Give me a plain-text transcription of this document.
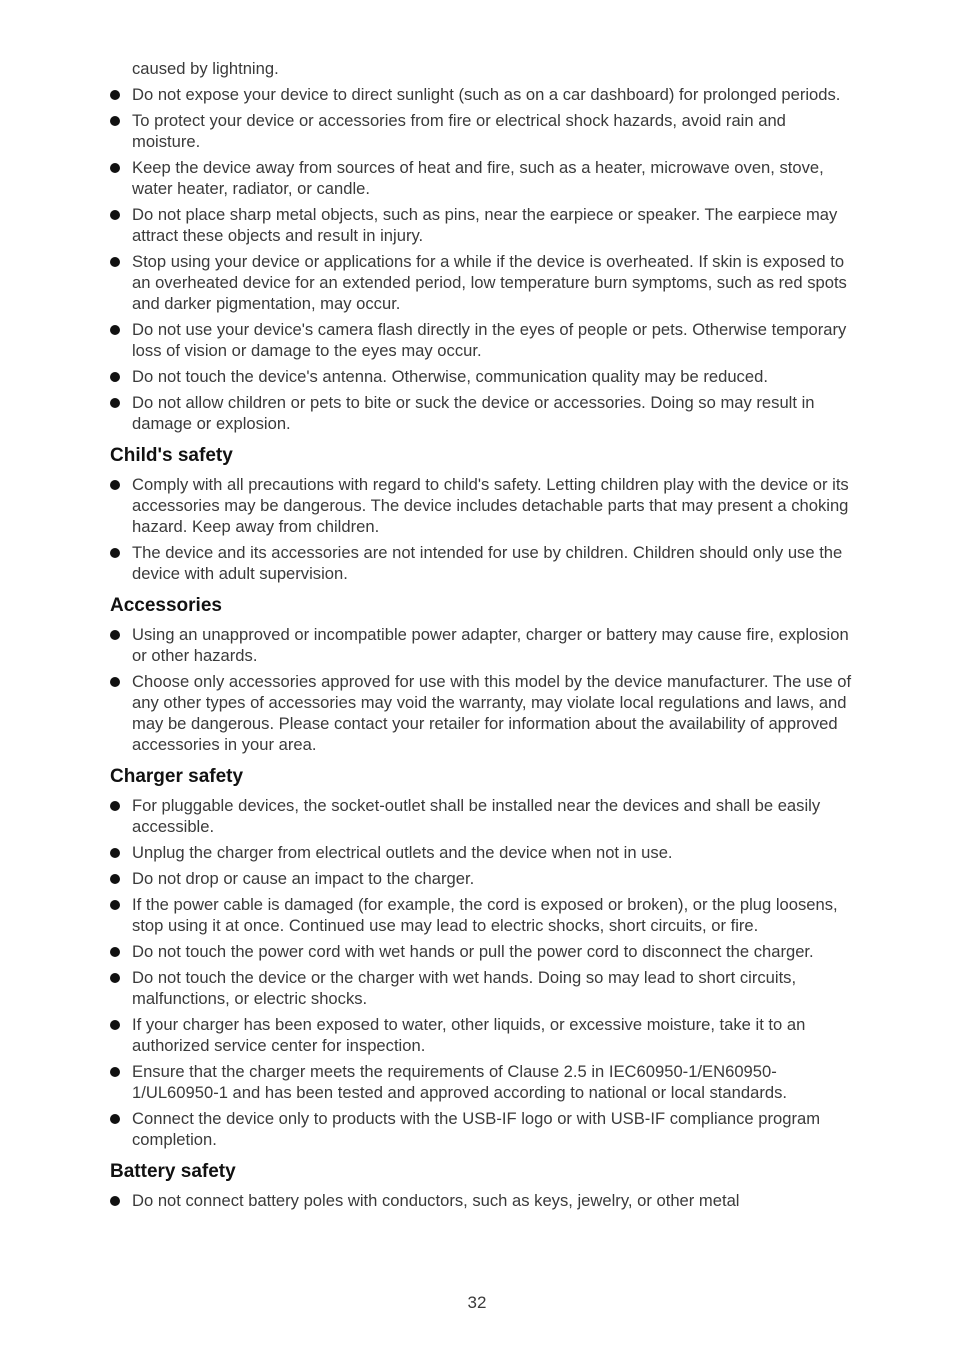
caused by lightning.

Do not expose your device to direct sunlight (such as on a car dashboard) for prolonged periods.
To protect your device or accessories from fire or electrical shock hazards, avoid rain and moisture.
Keep the device away from sources of heat and fire, such as a heater, microwave oven, stove, water heater, radiator, or candle.
Do not place sharp metal objects, such as pins, near the earpiece or speaker. The earpiece may attract these objects and result in injury.
Stop using your device or applications for a while if the device is overheated. If skin is exposed to an overheated device for an extended period, low temperature burn symptoms, such as red spots and darker pigmentation, may occur.
Do not use your device's camera flash directly in the eyes of people or pets. Otherwise temporary loss of vision or damage to the eyes may occur.
Do not touch the device's antenna. Otherwise, communication quality may be reduced.
Do not allow children or pets to bite or suck the device or accessories. Doing so may result in damage or explosion.
Child's safety
Comply with all precautions with regard to child's safety. Letting children play with the device or its accessories may be dangerous. The device includes detachable parts that may present a choking hazard. Keep away from children.
The device and its accessories are not intended for use by children. Children should only use the device with adult supervision.
Accessories
Using an unapproved or incompatible power adapter, charger or battery may cause fire, explosion or other hazards.
Choose only accessories approved for use with this model by the device manufacturer. The use of any other types of accessories may void the warranty, may violate local regulations and laws, and may be dangerous. Please contact your retailer for information about the availability of approved accessories in your area.
Charger safety
For pluggable devices, the socket-outlet shall be installed near the devices and shall be easily accessible.
Unplug the charger from electrical outlets and the device when not in use.
Do not drop or cause an impact to the charger.
If the power cable is damaged (for example, the cord is exposed or broken), or the plug loosens, stop using it at once. Continued use may lead to electric shocks, short circuits, or fire.
Do not touch the power cord with wet hands or pull the power cord to disconnect the charger.
Do not touch the device or the charger with wet hands. Doing so may lead to short circuits, malfunctions, or electric shocks.
If your charger has been exposed to water, other liquids, or excessive moisture, take it to an authorized service center for inspection.
Ensure that the charger meets the requirements of Clause 2.5 in IEC60950-1/EN60950-1/UL60950-1 and has been tested and approved according to national or local standards.
Connect the device only to products with the USB-IF logo or with USB-IF compliance program completion.
Battery safety
Do not connect battery poles with conductors, such as keys, jewelry, or other metal
32
